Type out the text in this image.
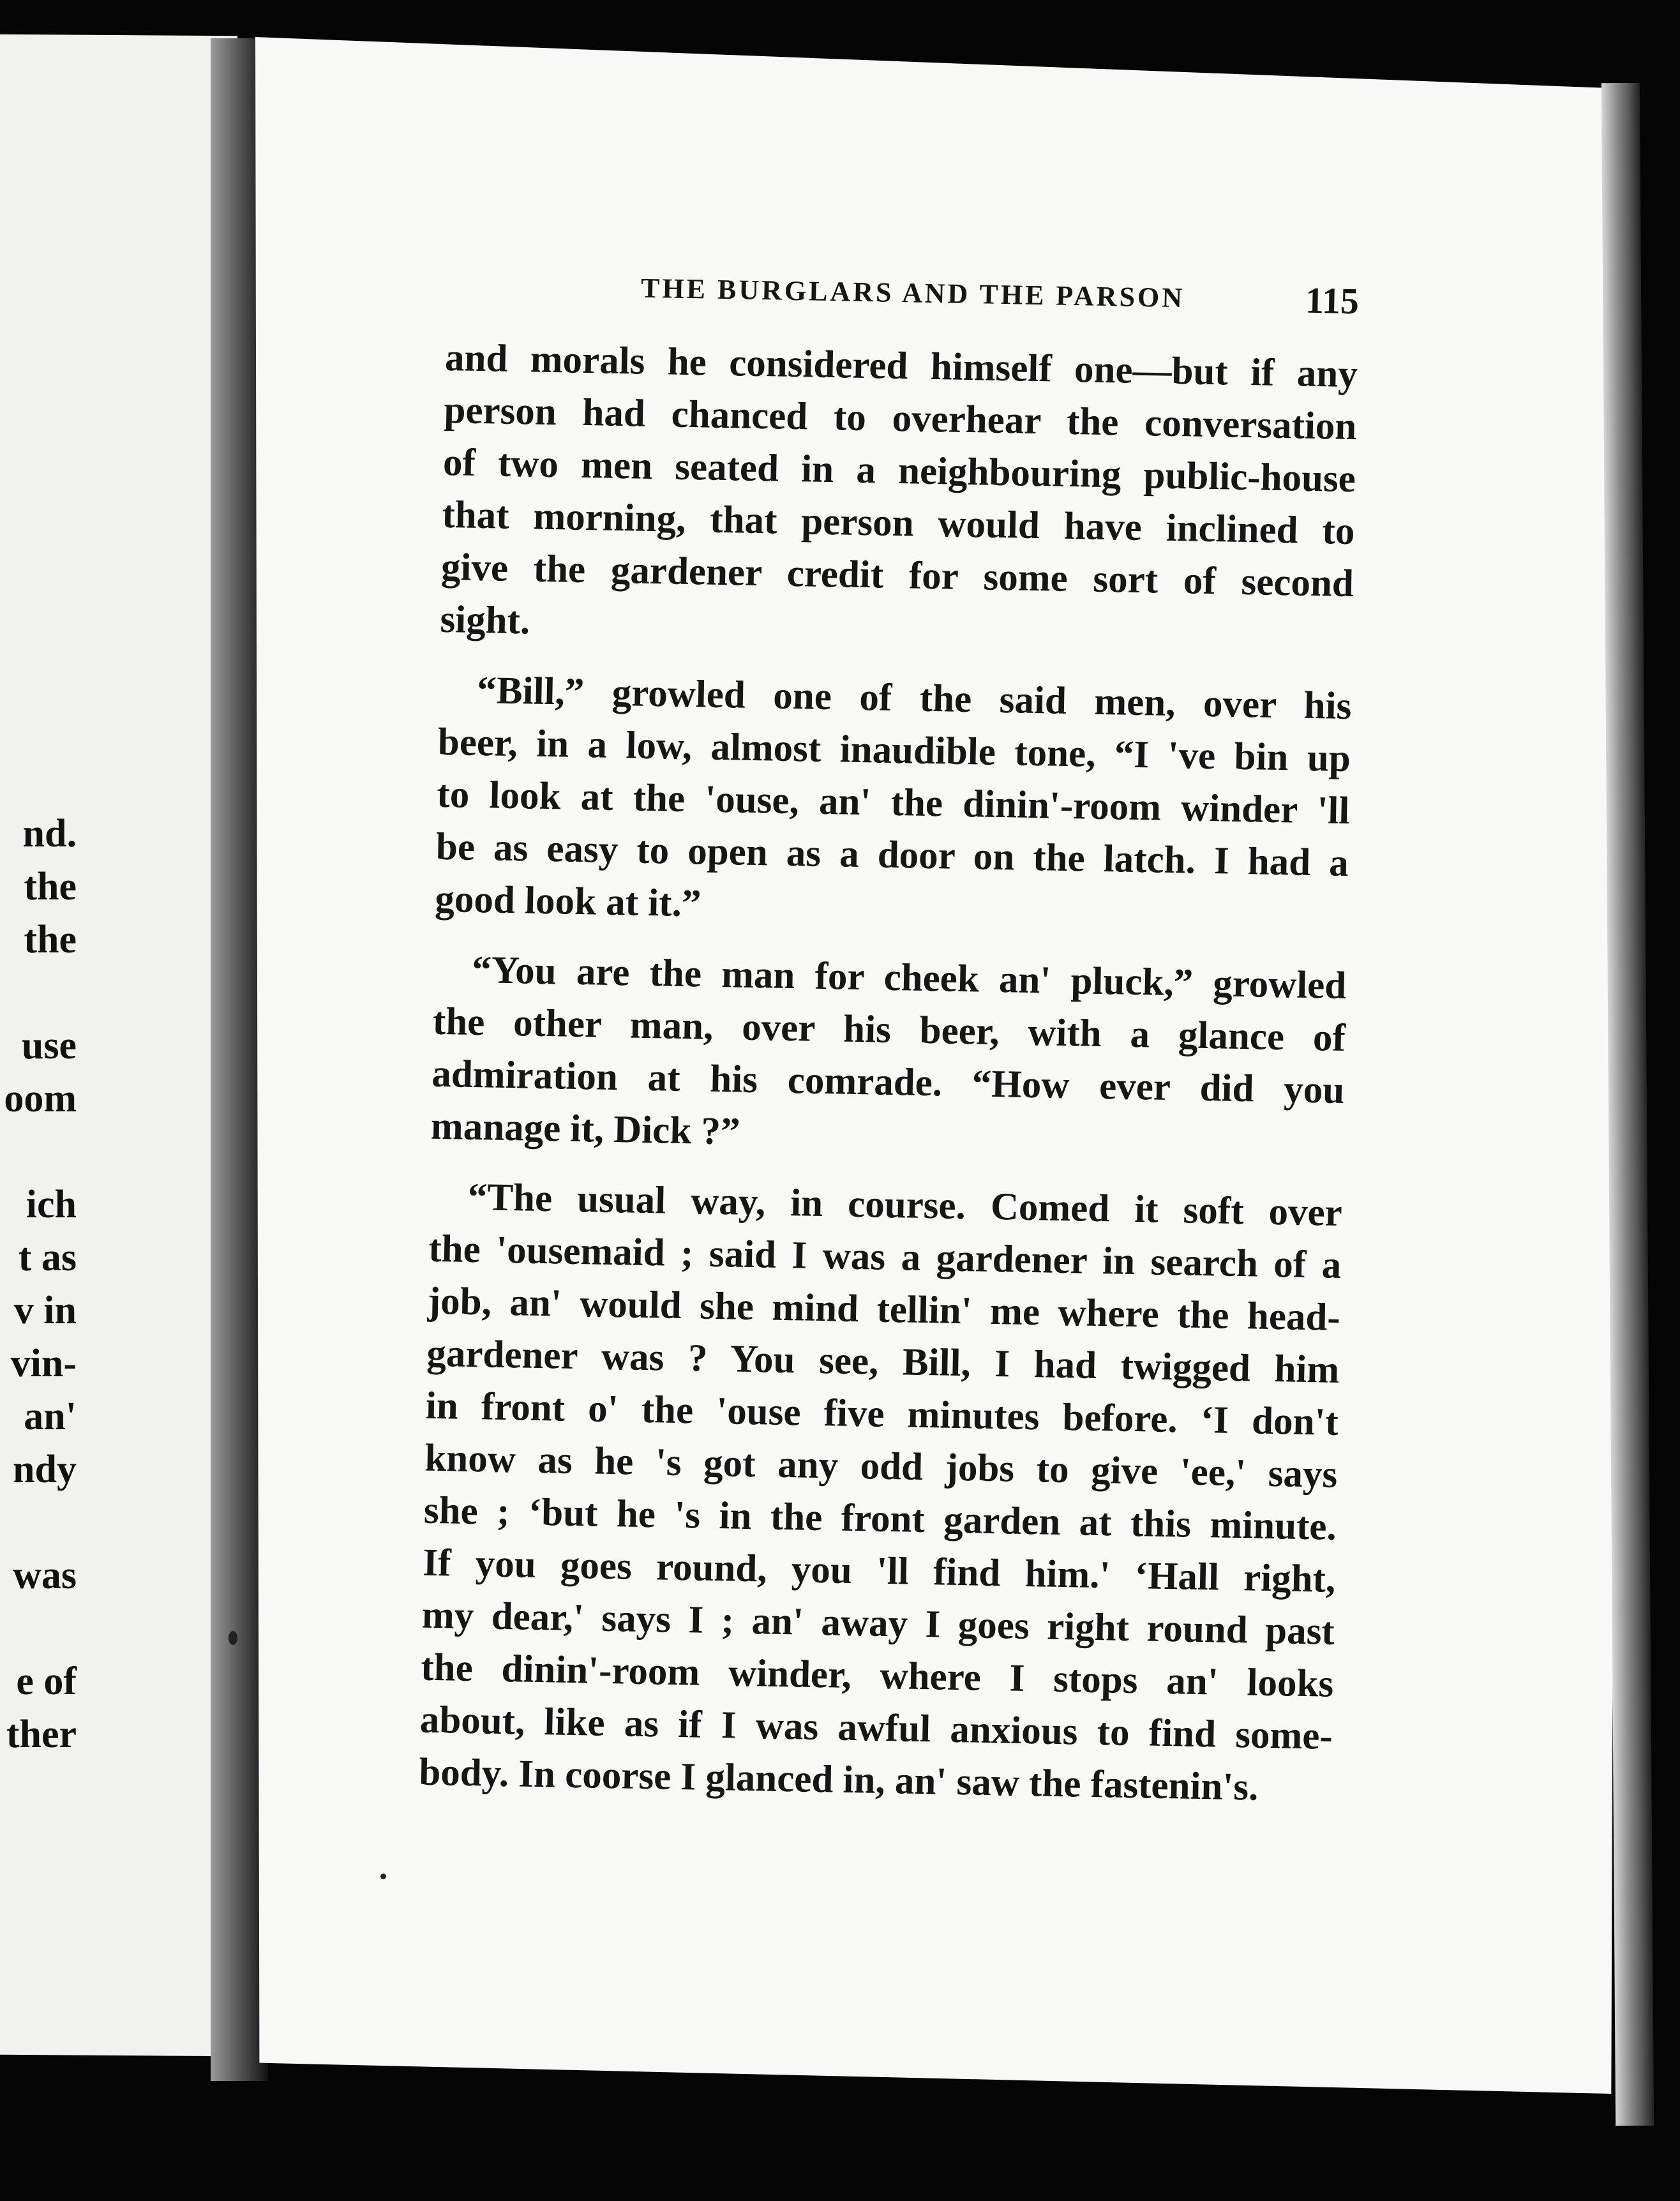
nd.
the
the
use
oom
ich
t as
v in
vin-
an'
ndy
was
e of
ther
THE BURGLARS AND THE PARSON	115
and morals he considered himself one—but if any
person had chanced to overhear the conversation
of two men seated in a neighbouring public-house
that morning, that person would have inclined to
give the gardener credit for some sort of second
sight.
“Bill,” growled one of the said men, over his
beer, in a low, almost inaudible tone, “I 've bin up
to look at the 'ouse, an' the dinin'-room winder 'll
be as easy to open as a door on the latch. I had a
good look at it.”
“You are the man for cheek an' pluck,” growled
the other man, over his beer, with a glance of
admiration at his comrade. “How ever did you
manage it, Dick ?”
“The usual way, in course. Comed it soft over
the 'ousemaid ; said I was a gardener in search of a
job, an' would she mind tellin' me where the head-
gardener was ? You see, Bill, I had twigged him
in front o' the 'ouse five minutes before. ‘I don't
know as he 's got any odd jobs to give 'ee,' says
she ; ‘but he 's in the front garden at this minute.
If you goes round, you 'll find him.' ‘Hall right,
my dear,' says I ; an' away I goes right round past
the dinin'-room winder, where I stops an' looks
about, like as if I was awful anxious to find some-
body. In coorse I glanced in, an' saw the fastenin's.
